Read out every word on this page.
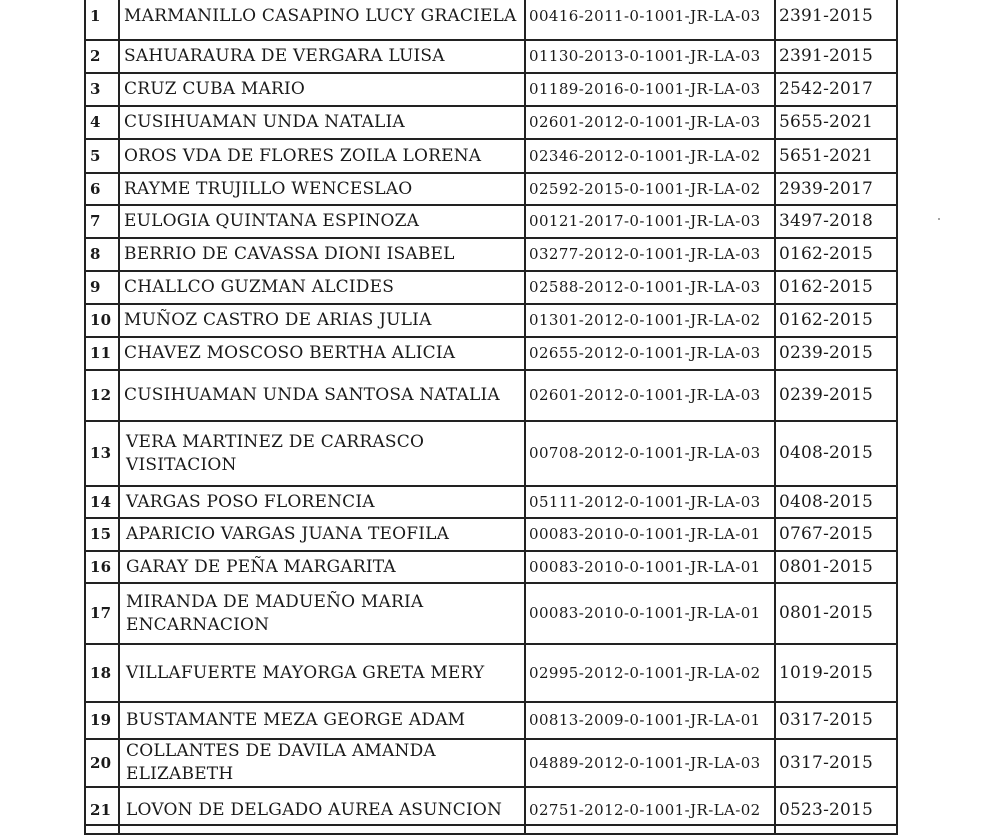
1	MARMANILLO CASAPINO LUCY GRACIELA	00416-2011-0-1001-JR-LA-03	2391-2015
2	SAHUARAURA DE VERGARA LUISA	01130-2013-0-1001-JR-LA-03	2391-2015
3	CRUZ CUBA MARIO	01189-2016-0-1001-JR-LA-03	2542-2017
4	CUSIHUAMAN UNDA NATALIA	02601-2012-0-1001-JR-LA-03	5655-2021
5	OROS VDA DE FLORES ZOILA LORENA	02346-2012-0-1001-JR-LA-02	5651-2021
6	RAYME TRUJILLO WENCESLAO	02592-2015-0-1001-JR-LA-02	2939-2017
7	EULOGIA QUINTANA ESPINOZA	00121-2017-0-1001-JR-LA-03	3497-2018
8	BERRIO DE CAVASSA DIONI ISABEL	03277-2012-0-1001-JR-LA-03	0162-2015
9	CHALLCO GUZMAN ALCIDES	02588-2012-0-1001-JR-LA-03	0162-2015
10	MUÑOZ CASTRO DE ARIAS JULIA	01301-2012-0-1001-JR-LA-02	0162-2015
11	CHAVEZ MOSCOSO BERTHA ALICIA	02655-2012-0-1001-JR-LA-03	0239-2015
12	CUSIHUAMAN UNDA SANTOSA NATALIA	02601-2012-0-1001-JR-LA-03	0239-2015
13	VERA MARTINEZ DE CARRASCO VISITACION	00708-2012-0-1001-JR-LA-03	0408-2015
14	VARGAS POSO FLORENCIA	05111-2012-0-1001-JR-LA-03	0408-2015
15	APARICIO VARGAS JUANA TEOFILA	00083-2010-0-1001-JR-LA-01	0767-2015
16	GARAY DE PEÑA MARGARITA	00083-2010-0-1001-JR-LA-01	0801-2015
17	MIRANDA DE MADUEÑO MARIA ENCARNACION	00083-2010-0-1001-JR-LA-01	0801-2015
18	VILLAFUERTE MAYORGA GRETA MERY	02995-2012-0-1001-JR-LA-02	1019-2015
19	BUSTAMANTE MEZA GEORGE ADAM	00813-2009-0-1001-JR-LA-01	0317-2015
20	COLLANTES DE DAVILA AMANDA ELIZABETH	04889-2012-0-1001-JR-LA-03	0317-2015
21	LOVON DE DELGADO AUREA ASUNCION	02751-2012-0-1001-JR-LA-02	0523-2015
